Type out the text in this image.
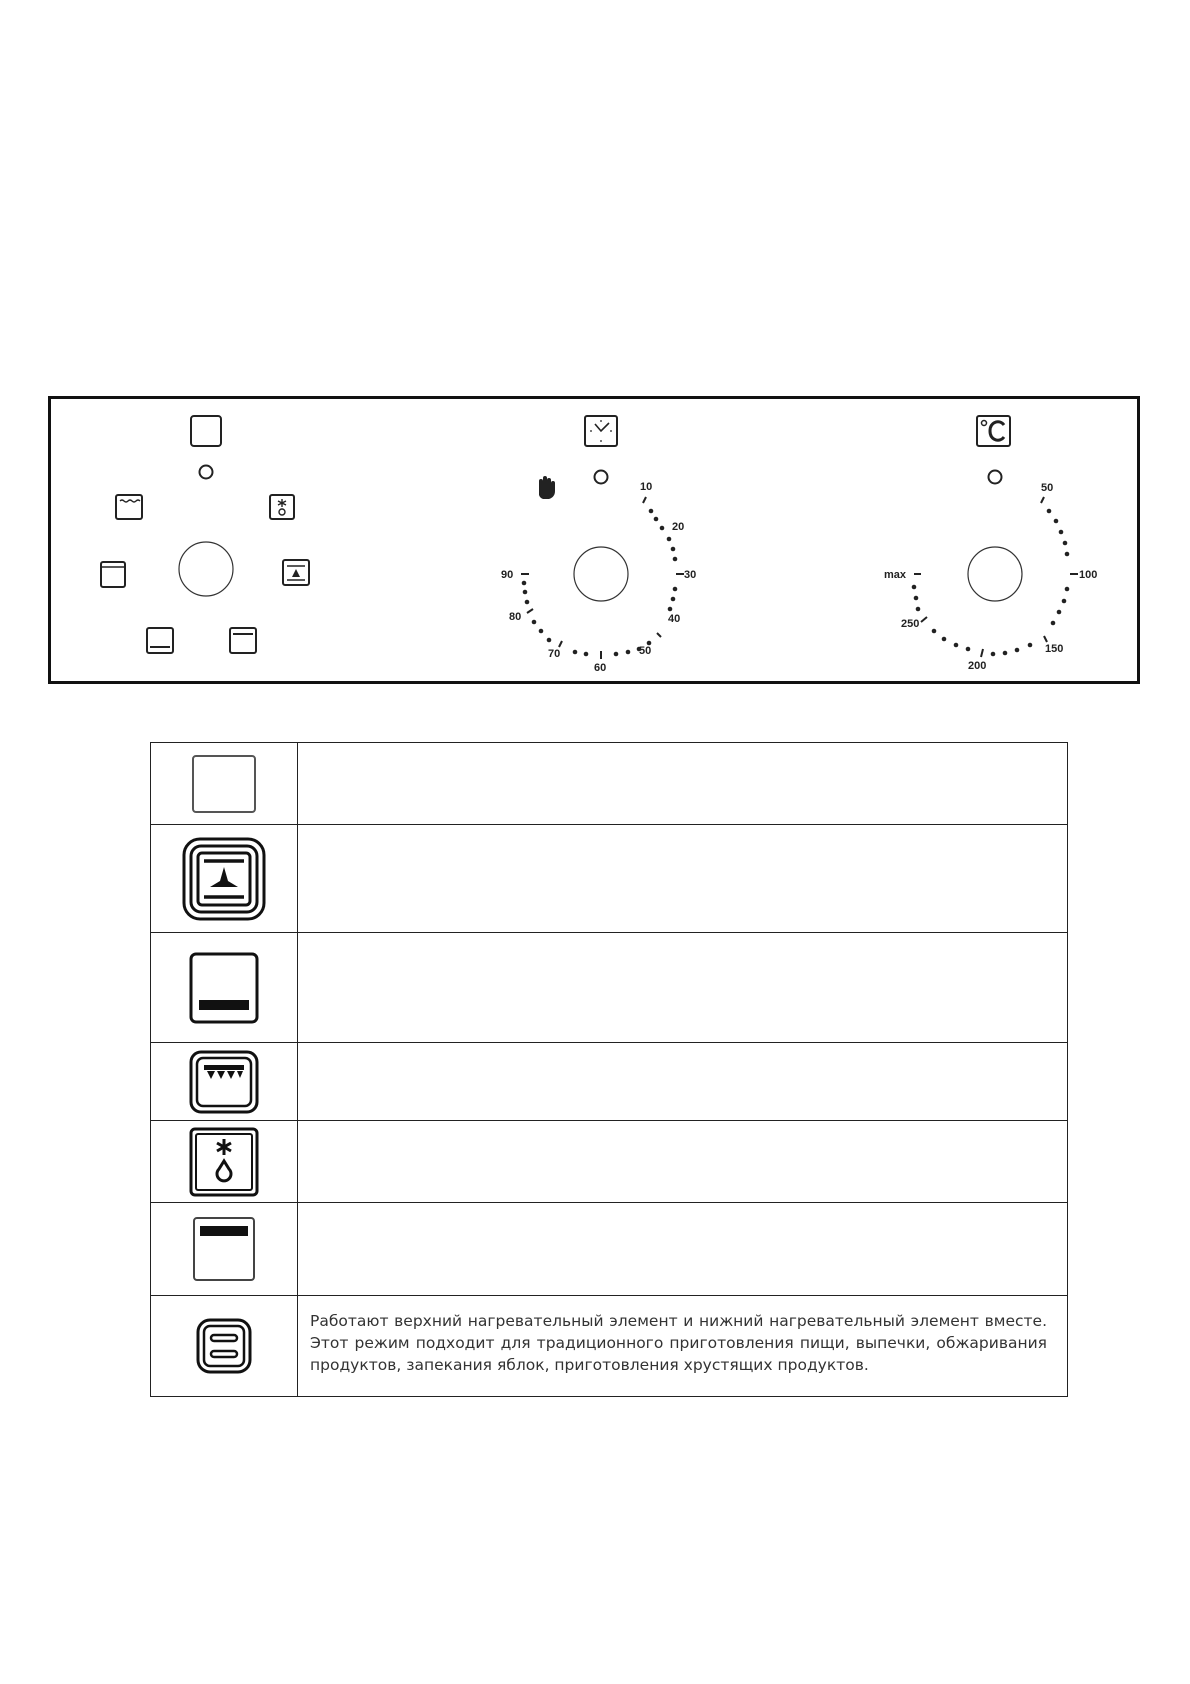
10
20
30
40
50
60
70
80
90
50
100
150
200
250
max
Работают верхний нагревательный элемент и нижний нагревательный элемент вместе. Этот режим подходит для традиционного приготовления пищи, выпечки, обжаривания продуктов, запекания яблок, приготовления хрустящих продуктов.
